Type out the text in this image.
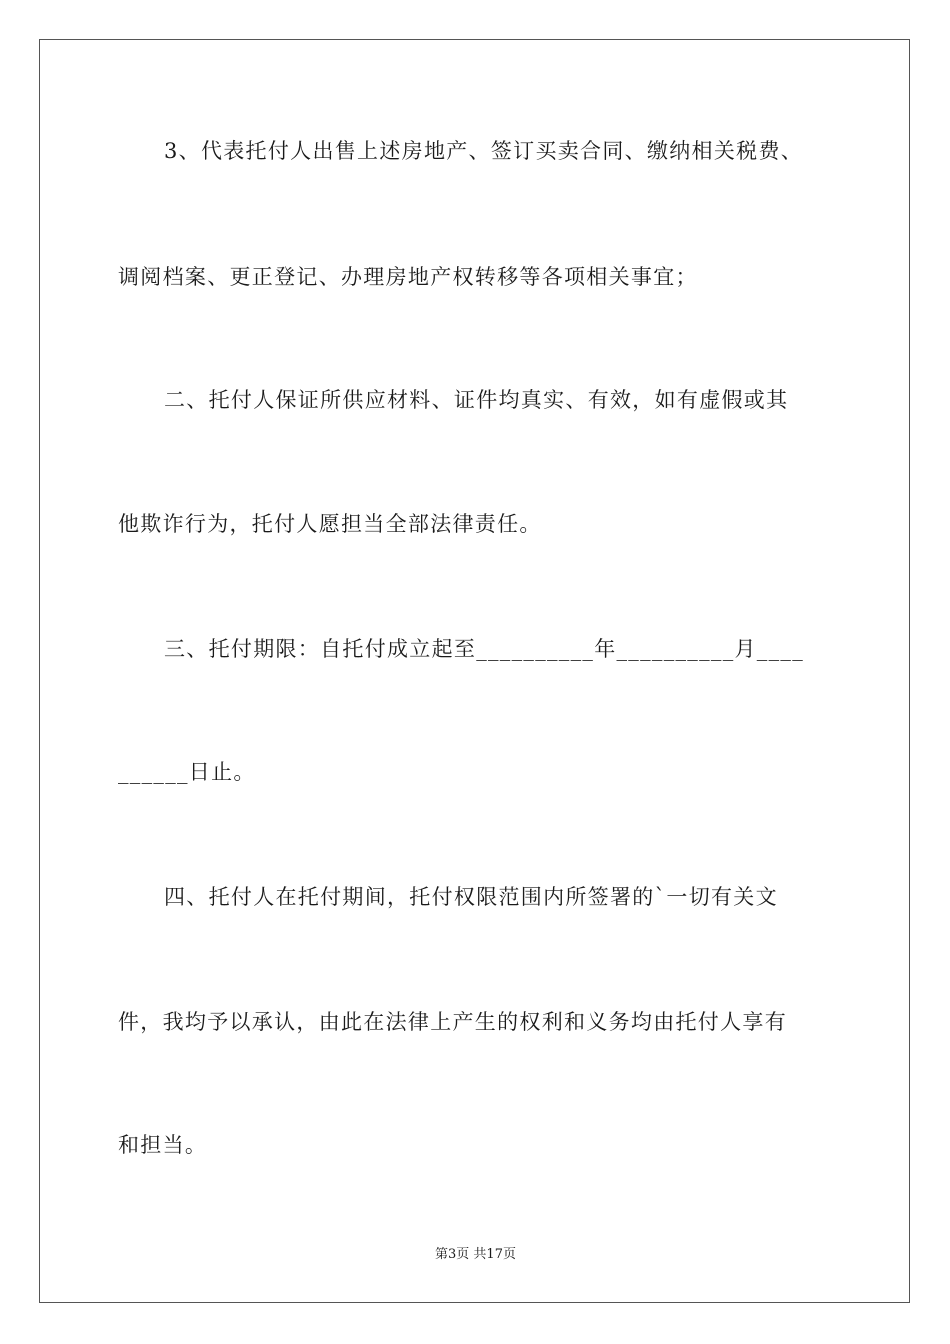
3、代表托付人出售上述房地产、签订买卖合同、缴纳相关税费、
调阅档案、更正登记、办理房地产权转移等各项相关事宜；
二、托付人保证所供应材料、证件均真实、有效，如有虚假或其
他欺诈行为，托付人愿担当全部法律责任。
三、托付期限：自托付成立起至__________年__________月____
______日止。
四、托付人在托付期间，托付权限范围内所签署的`一切有关文
件，我均予以承认，由此在法律上产生的权利和义务均由托付人享有
和担当。
第3页 共17页
